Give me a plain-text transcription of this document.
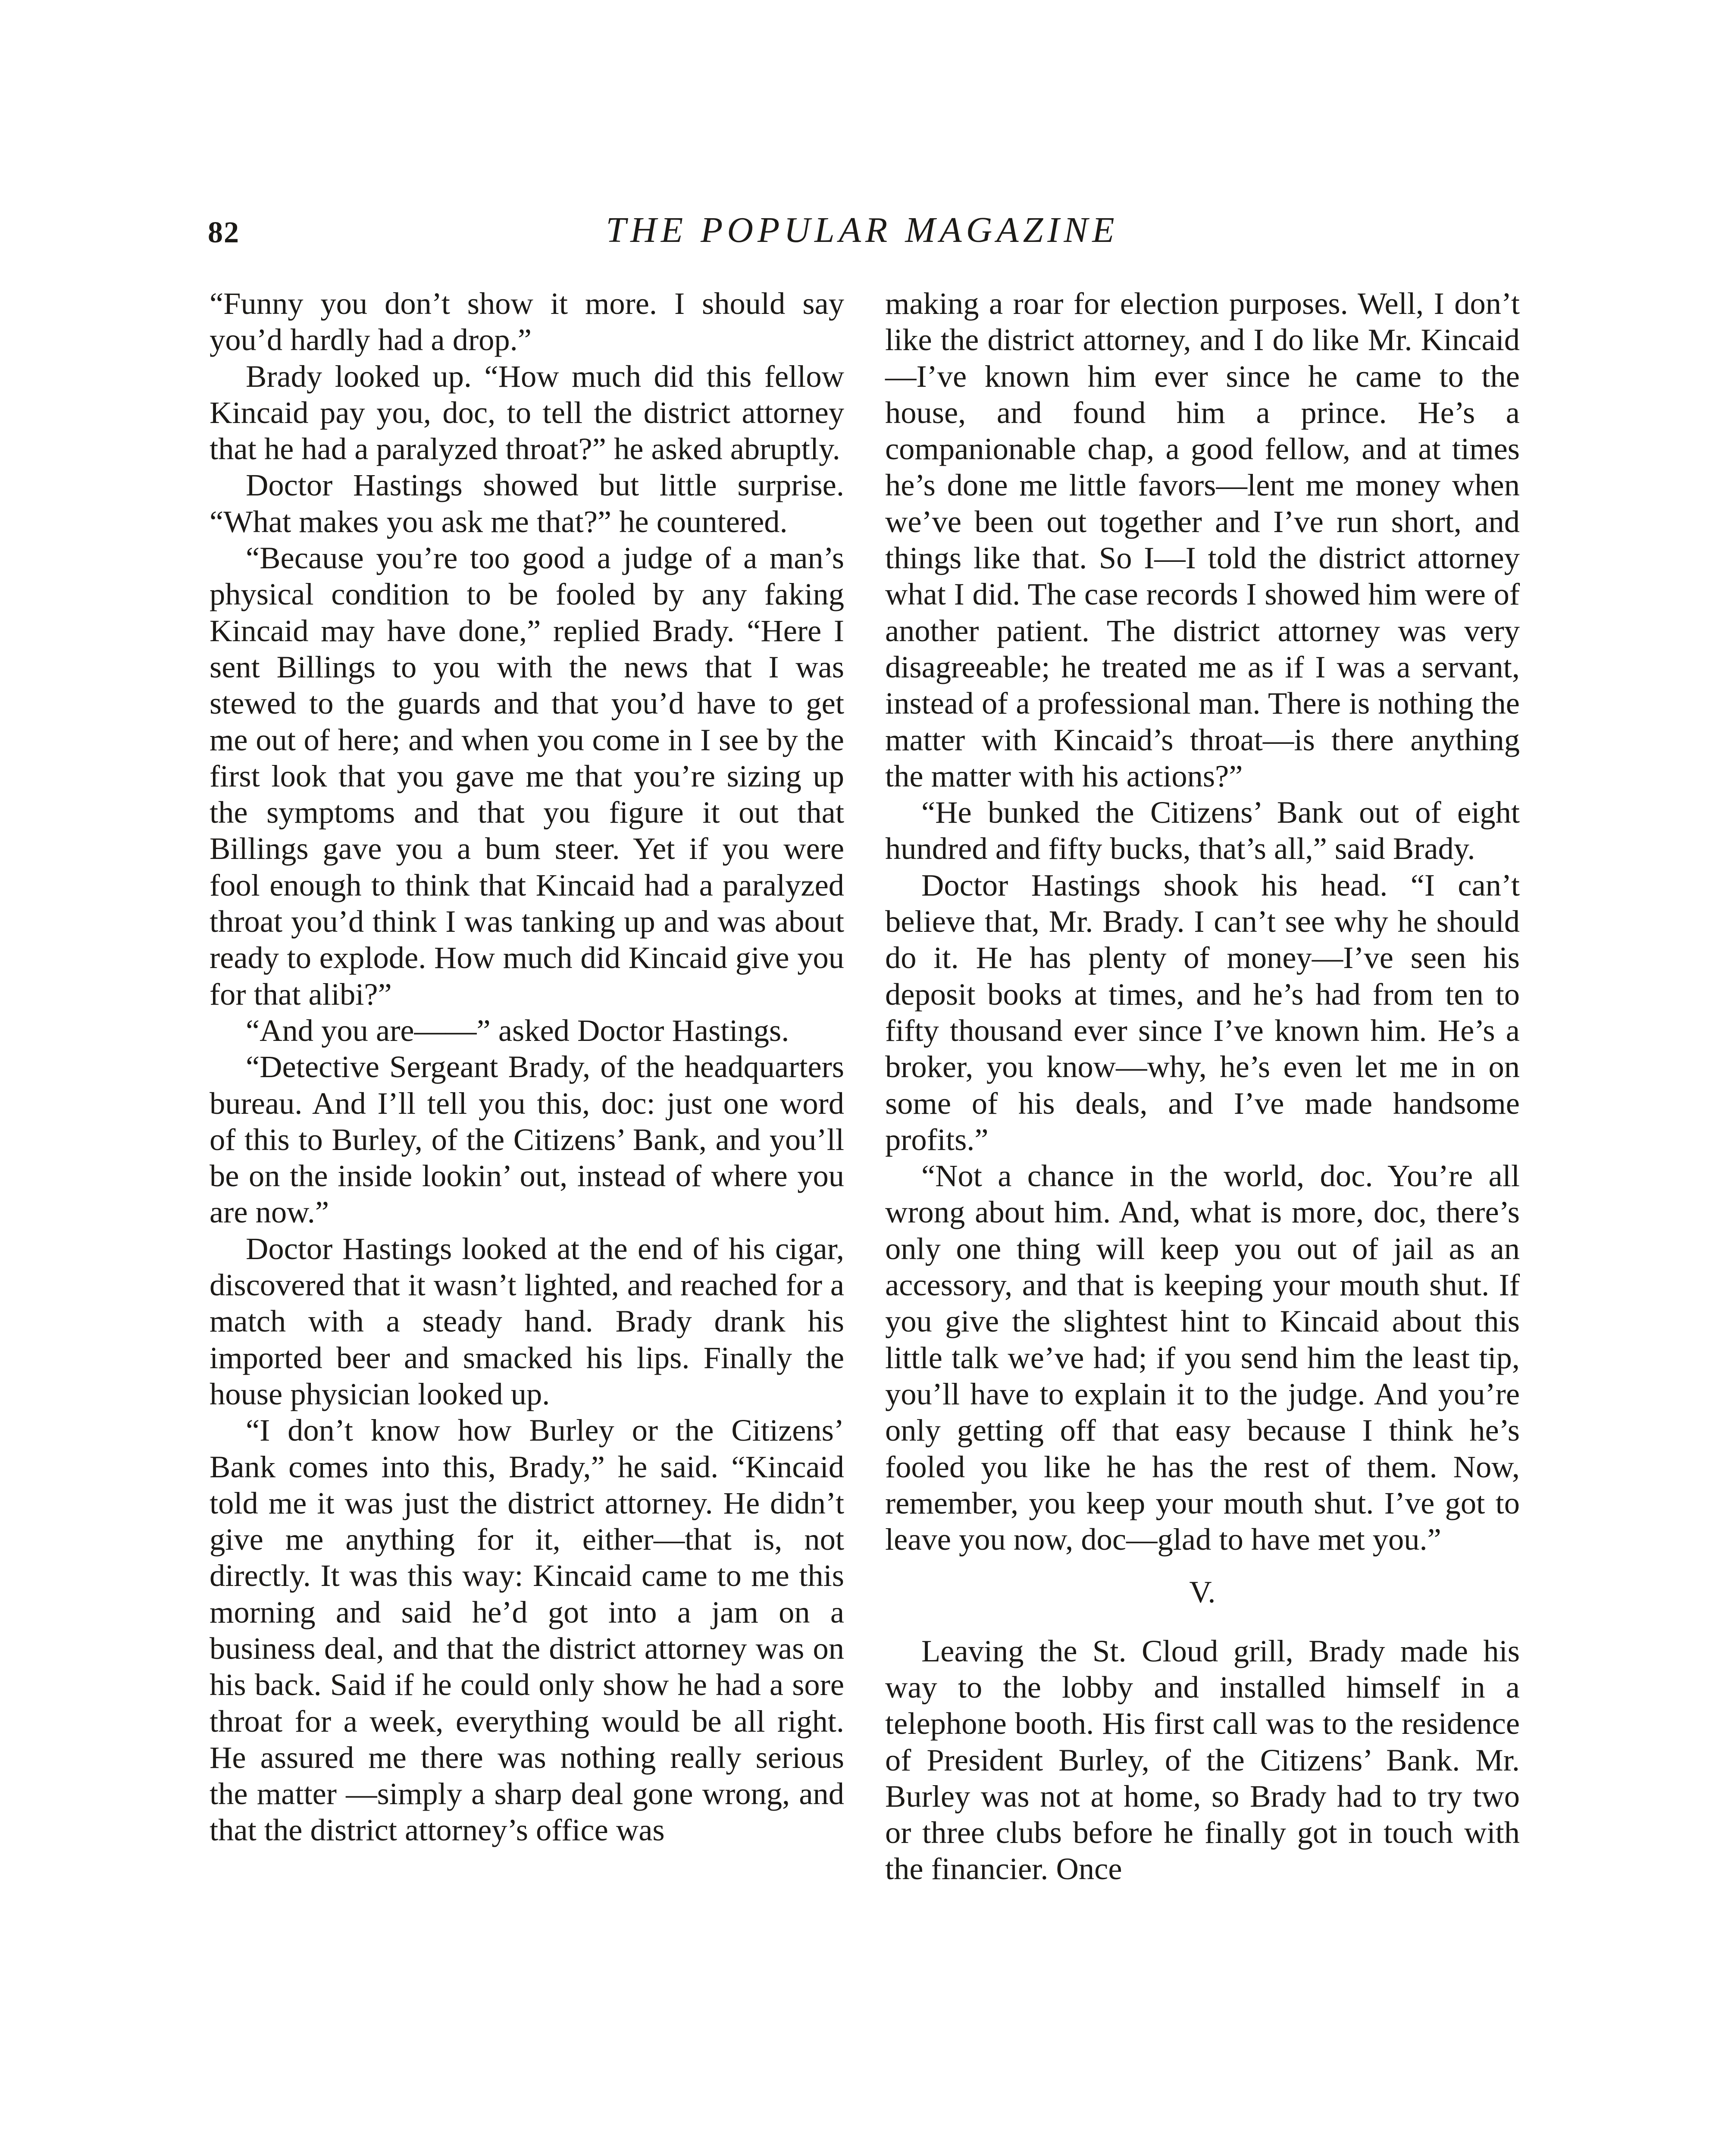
82	THE POPULAR MAGAZINE

“Funny you don’t show it more. I should say you’d hardly had a drop.”

Brady looked up. “How much did this fellow Kincaid pay you, doc, to tell the district attorney that he had a paralyzed throat?” he asked abruptly.

Doctor Hastings showed but little surprise. “What makes you ask me that?” he countered.

“Because you’re too good a judge of a man’s physical condition to be fooled by any faking Kincaid may have done,” replied Brady. “Here I sent Billings to you with the news that I was stewed to the guards and that you’d have to get me out of here; and when you come in I see by the first look that you gave me that you’re sizing up the symptoms and that you figure it out that Billings gave you a bum steer. Yet if you were fool enough to think that Kincaid had a paralyzed throat you’d think I was tanking up and was about ready to explode. How much did Kincaid give you for that alibi?”

“And you are——” asked Doctor Hastings.

“Detective Sergeant Brady, of the headquarters bureau. And I’ll tell you this, doc: just one word of this to Burley, of the Citizens’ Bank, and you’ll be on the inside lookin’ out, instead of where you are now.”

Doctor Hastings looked at the end of his cigar, discovered that it wasn’t lighted, and reached for a match with a steady hand. Brady drank his imported beer and smacked his lips. Finally the house physician looked up.

“I don’t know how Burley or the Citizens’ Bank comes into this, Brady,” he said. “Kincaid told me it was just the district attorney. He didn’t give me anything for it, either—that is, not directly. It was this way: Kincaid came to me this morning and said he’d got into a jam on a business deal, and that the district attorney was on his back. Said if he could only show he had a sore throat for a week, everything would be all right. He assured me there was nothing really serious the matter —simply a sharp deal gone wrong, and that the district attorney’s office was

making a roar for election purposes. Well, I don’t like the district attorney, and I do like Mr. Kincaid—I’ve known him ever since he came to the house, and found him a prince. He’s a companionable chap, a good fellow, and at times he’s done me little favors—lent me money when we’ve been out together and I’ve run short, and things like that. So I—I told the district attorney what I did. The case records I showed him were of another patient. The district attorney was very disagreeable; he treated me as if I was a servant, instead of a professional man. There is nothing the matter with Kincaid’s throat—is there anything the matter with his actions?”

“He bunked the Citizens’ Bank out of eight hundred and fifty bucks, that’s all,” said Brady.

Doctor Hastings shook his head. “I can’t believe that, Mr. Brady. I can’t see why he should do it. He has plenty of money—I’ve seen his deposit books at times, and he’s had from ten to fifty thousand ever since I’ve known him. He’s a broker, you know—why, he’s even let me in on some of his deals, and I’ve made handsome profits.”

“Not a chance in the world, doc. You’re all wrong about him. And, what is more, doc, there’s only one thing will keep you out of jail as an accessory, and that is keeping your mouth shut. If you give the slightest hint to Kincaid about this little talk we’ve had; if you send him the least tip, you’ll have to explain it to the judge. And you’re only getting off that easy because I think he’s fooled you like he has the rest of them. Now, remember, you keep your mouth shut. I’ve got to leave you now, doc—glad to have met you.”

V.

Leaving the St. Cloud grill, Brady made his way to the lobby and installed himself in a telephone booth. His first call was to the residence of President Burley, of the Citizens’ Bank. Mr. Burley was not at home, so Brady had to try two or three clubs before he finally got in touch with the financier. Once
